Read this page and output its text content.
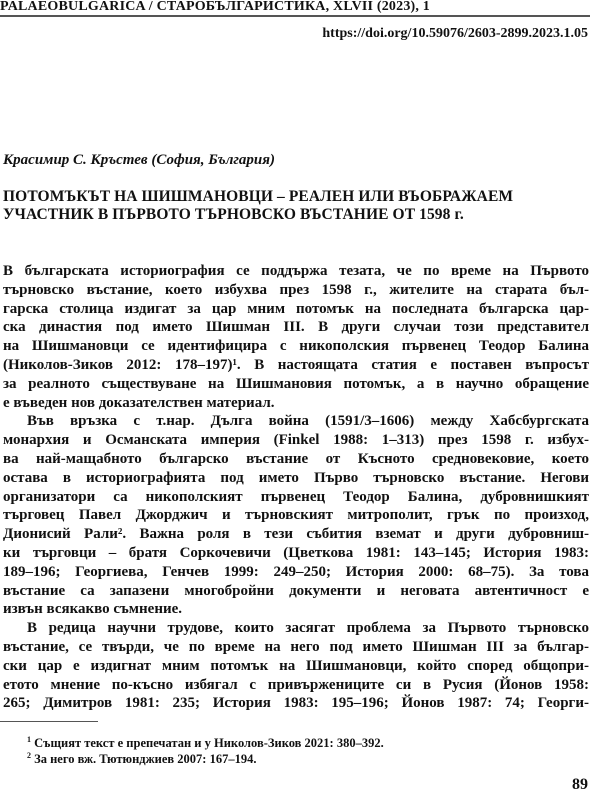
PALAEOBULGARICA / СТАРОБЪЛГАРИСТИКА, XLVII (2023), 1
https://doi.org/10.59076/2603-2899.2023.1.05
Красимир С. Кръстев (София, България)
ПОТОМЪКЪТ НА ШИШМАНОВЦИ – РЕАЛЕН ИЛИ ВЪОБРАЖАЕМ
УЧАСТНИК В ПЪРВОТО ТЪРНОВСКО ВЪСТАНИЕ ОТ 1598 г.
В българската историография се поддържа тезата, че по време на Първото
търновско въстание, което избухва през 1598 г., жителите на старата бъл-
гарска столица издигат за цар мним потомък на последната българска цар-
ска династия под името Шишман III. В други случаи този представител
на Шишмановци се идентифицира с никополския първенец Теодор Балина
(Николов-Зиков 2012: 178–197)¹. В настоящата статия е поставен въпросът
за реалното съществуване на Шишмановия потомък, а в научно обращение
е въведен нов доказателствен материал.
Във връзка с т.нар. Дълга война (1591/3–1606) между Хабсбургската
монархия и Османската империя (Finkel 1988: 1–313) през 1598 г. избух-
ва най-мащабното българско въстание от Късното средновековие, което
остава в историографията под името Първо търновско въстание. Негови
организатори са никополският първенец Теодор Балина, дубровнишкият
търговец Павел Джорджич и търновският митрополит, грък по произход,
Дионисий Рали². Важна роля в тези събития вземат и други дубровниш-
ки търговци – братя Соркочевичи (Цветкова 1981: 143–145; История 1983:
189–196; Георгиева, Генчев 1999: 249–250; История 2000: 68–75). За това
въстание са запазени многобройни документи и неговата автентичност е
извън всякакво съмнение.
В редица научни трудове, които засягат проблема за Първото търновско
въстание, се твърди, че по време на него под името Шишман III за българ-
ски цар е издигнат мним потомък на Шишмановци, който според общопри-
етото мнение по-късно избягал с привържениците си в Русия (Йонов 1958:
265; Димитров 1981: 235; История 1983: 195–196; Йонов 1987: 74; Георги-
$^1$ Същият текст е препечатан и у Николов-Зиков 2021: 380–392.
$^2$ За него вж. Тютюнджиев 2007: 167–194.
89
